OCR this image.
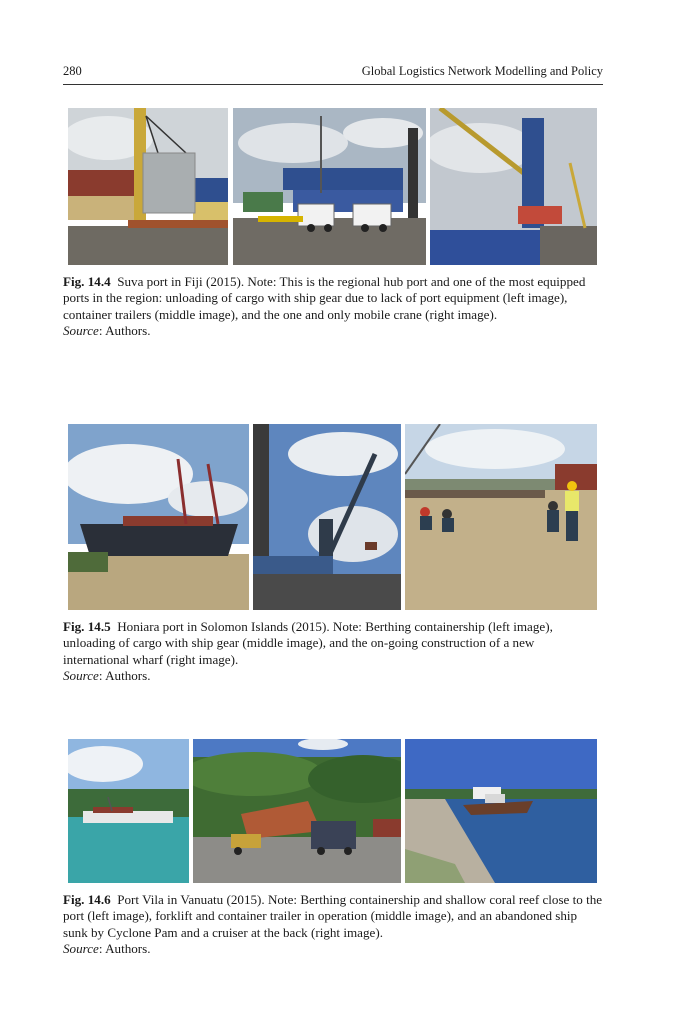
280	Global Logistics Network Modelling and Policy

Fig. 14.4 Suva port in Fiji (2015). Note: This is the regional hub port and one of the most equipped ports in the region: unloading of cargo with ship gear due to lack of port equipment (left image), container trailers (middle image), and the one and only mobile crane (right image).

Source: Authors.

Fig. 14.5 Honiara port in Solomon Islands (2015). Note: Berthing containership (left image), unloading of cargo with ship gear (middle image), and the on-going construction of a new international wharf (right image).

Source: Authors.

Fig. 14.6 Port Vila in Vanuatu (2015). Note: Berthing containership and shallow coral reef close to the port (left image), forklift and container trailer in operation (middle image), and an abandoned ship sunk by Cyclone Pam and a cruiser at the back (right image).

Source: Authors.
